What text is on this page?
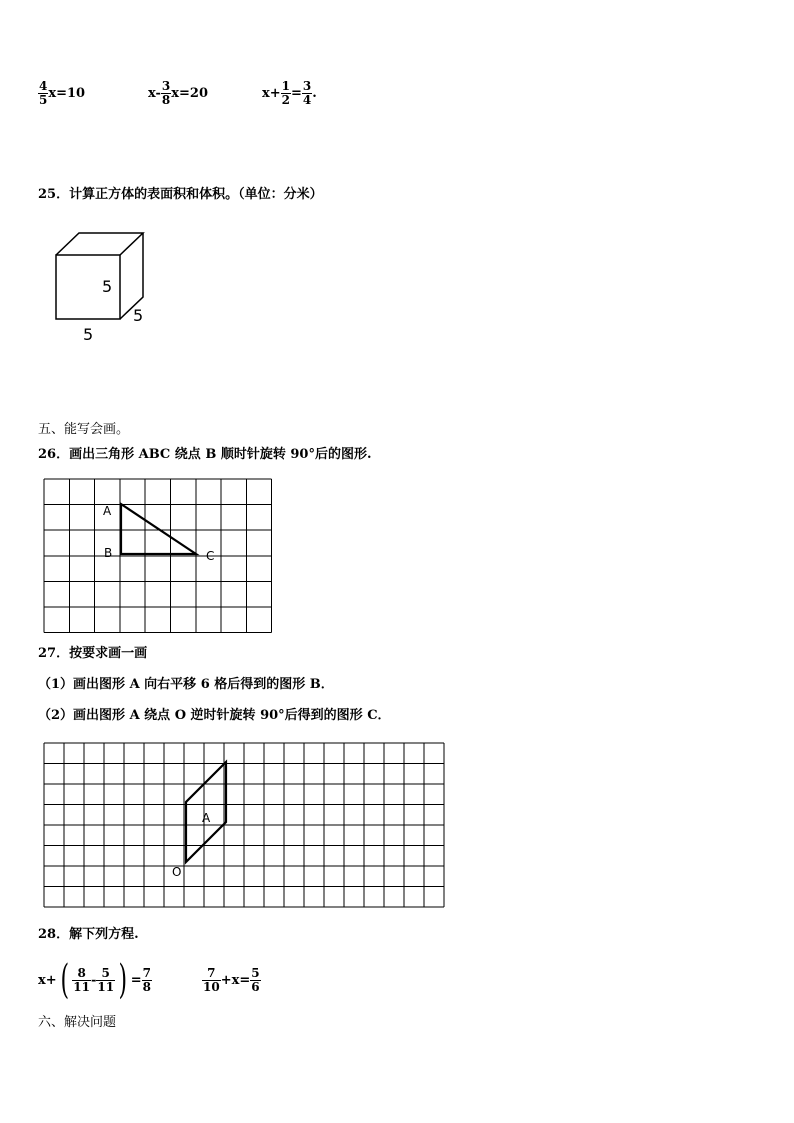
$\frac{4}{5} x=10$	$x- \frac{3}{8} x=20$	$x+ \frac{1}{2} = \frac{3}{4}$ .
25．计算正方体的表面积和体积。（单位：分米）
5
5
5
五、能写会画。
26．画出三角形 ABC 绕点 B 顺时针旋转 90°后的图形.
A
B	C
27．按要求画一画
（1）画出图形 A 向右平移 6 格后得到的图形 B．
（2）画出图形 A 绕点 O 逆时针旋转 90°后得到的图形 C．
A
O
28．解下列方程.
x+ ( $\frac{8}{11} - \frac{5}{11}$ ) = $\frac{7}{8}$	$\frac{7}{10} +x= \frac{5}{6}$
六、解决问题
